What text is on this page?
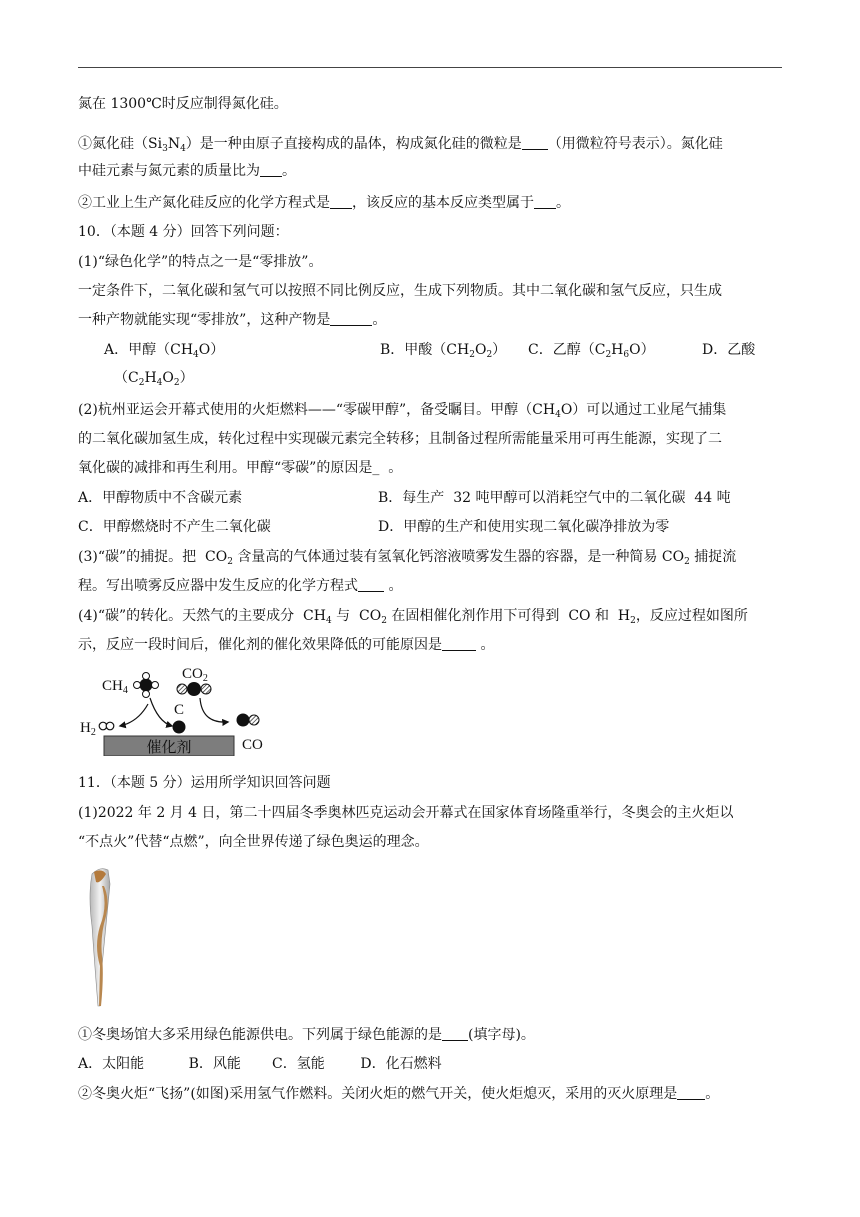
氮在 1300℃时反应制得氮化硅。

①氮化硅$(Si_3N_4)$是一种由原子直接构成的晶体，构成氮化硅的微粒是 （用微粒符号表示）。氮化硅

中硅元素与氮元素的质量比为 。

②工业上生产氮化硅反应的化学方程式是 ，该反应的基本反应类型属于 。

10．（本题 4 分）回答下列问题：

(1)“绿色化学”的特点之一是“零排放”。

一定条件下，二氧化碳和氢气可以按照不同比例反应，生成下列物质。其中二氧化碳和氢气反应，只生成

一种产物就能实现“零排放”，这种产物是	。

A．甲醇$(CH_4O)$	B．甲酸$(CH_2O_2)$ C．乙醇$(C_2H_6O)$	D．乙酸

$(C_2H_4O_2)$

(2)杭州亚运会开幕式使用的火炬燃料——“零碳甲醇”，备受瞩目。甲醇$(CH_4O)$可以通过工业尾气捕集

的二氧化碳加氢生成，转化过程中实现碳元素完全转移；且制备过程所需能量采用可再生能源，实现了二

氧化碳的减排和再生利用。甲醇“零碳”的原因是_  。

A．甲醇物质中不含碳元素	B．每生产  32 吨甲醇可以消耗空气中的二氧化碳  44 吨

C．甲醇燃烧时不产生二氧化碳	D．甲醇的生产和使用实现二氧化碳净排放为零

(3)“碳”的捕捉。把  $CO_2$ 含量高的气体通过装有氢氧化钙溶液喷雾发生器的容器，是一种简易 $CO_2$ 捕捉流

程。写出喷雾反应器中发生反应的化学方程式 。

(4)“碳”的转化。天然气的主要成分  $CH_4$ 与  $CO_2$ 在固相催化剂作用下可得到  CO 和  $H_2$，反应过程如图所

示，反应一段时间后，催化剂的催化效果降低的可能原因是 。

催化剂
$CH_4$
$CO_2$
C
$H_2$
CO

11．（本题 5 分）运用所学知识回答问题

(1)2022 年 2 月 4 日，第二十四届冬季奥林匹克运动会开幕式在国家体育场隆重举行，冬奥会的主火炬以

“不点火”代替“点燃”，向全世界传递了绿色奥运的理念。

①冬奥场馆大多采用绿色能源供电。下列属于绿色能源的是 (填字母)。

A．太阳能          B．风能       C．氢能        D．化石燃料

②冬奥火炬“飞扬”(如图)采用氢气作燃料。关闭火炬的燃气开关，使火炬熄灭，采用的灭火原理是 。
